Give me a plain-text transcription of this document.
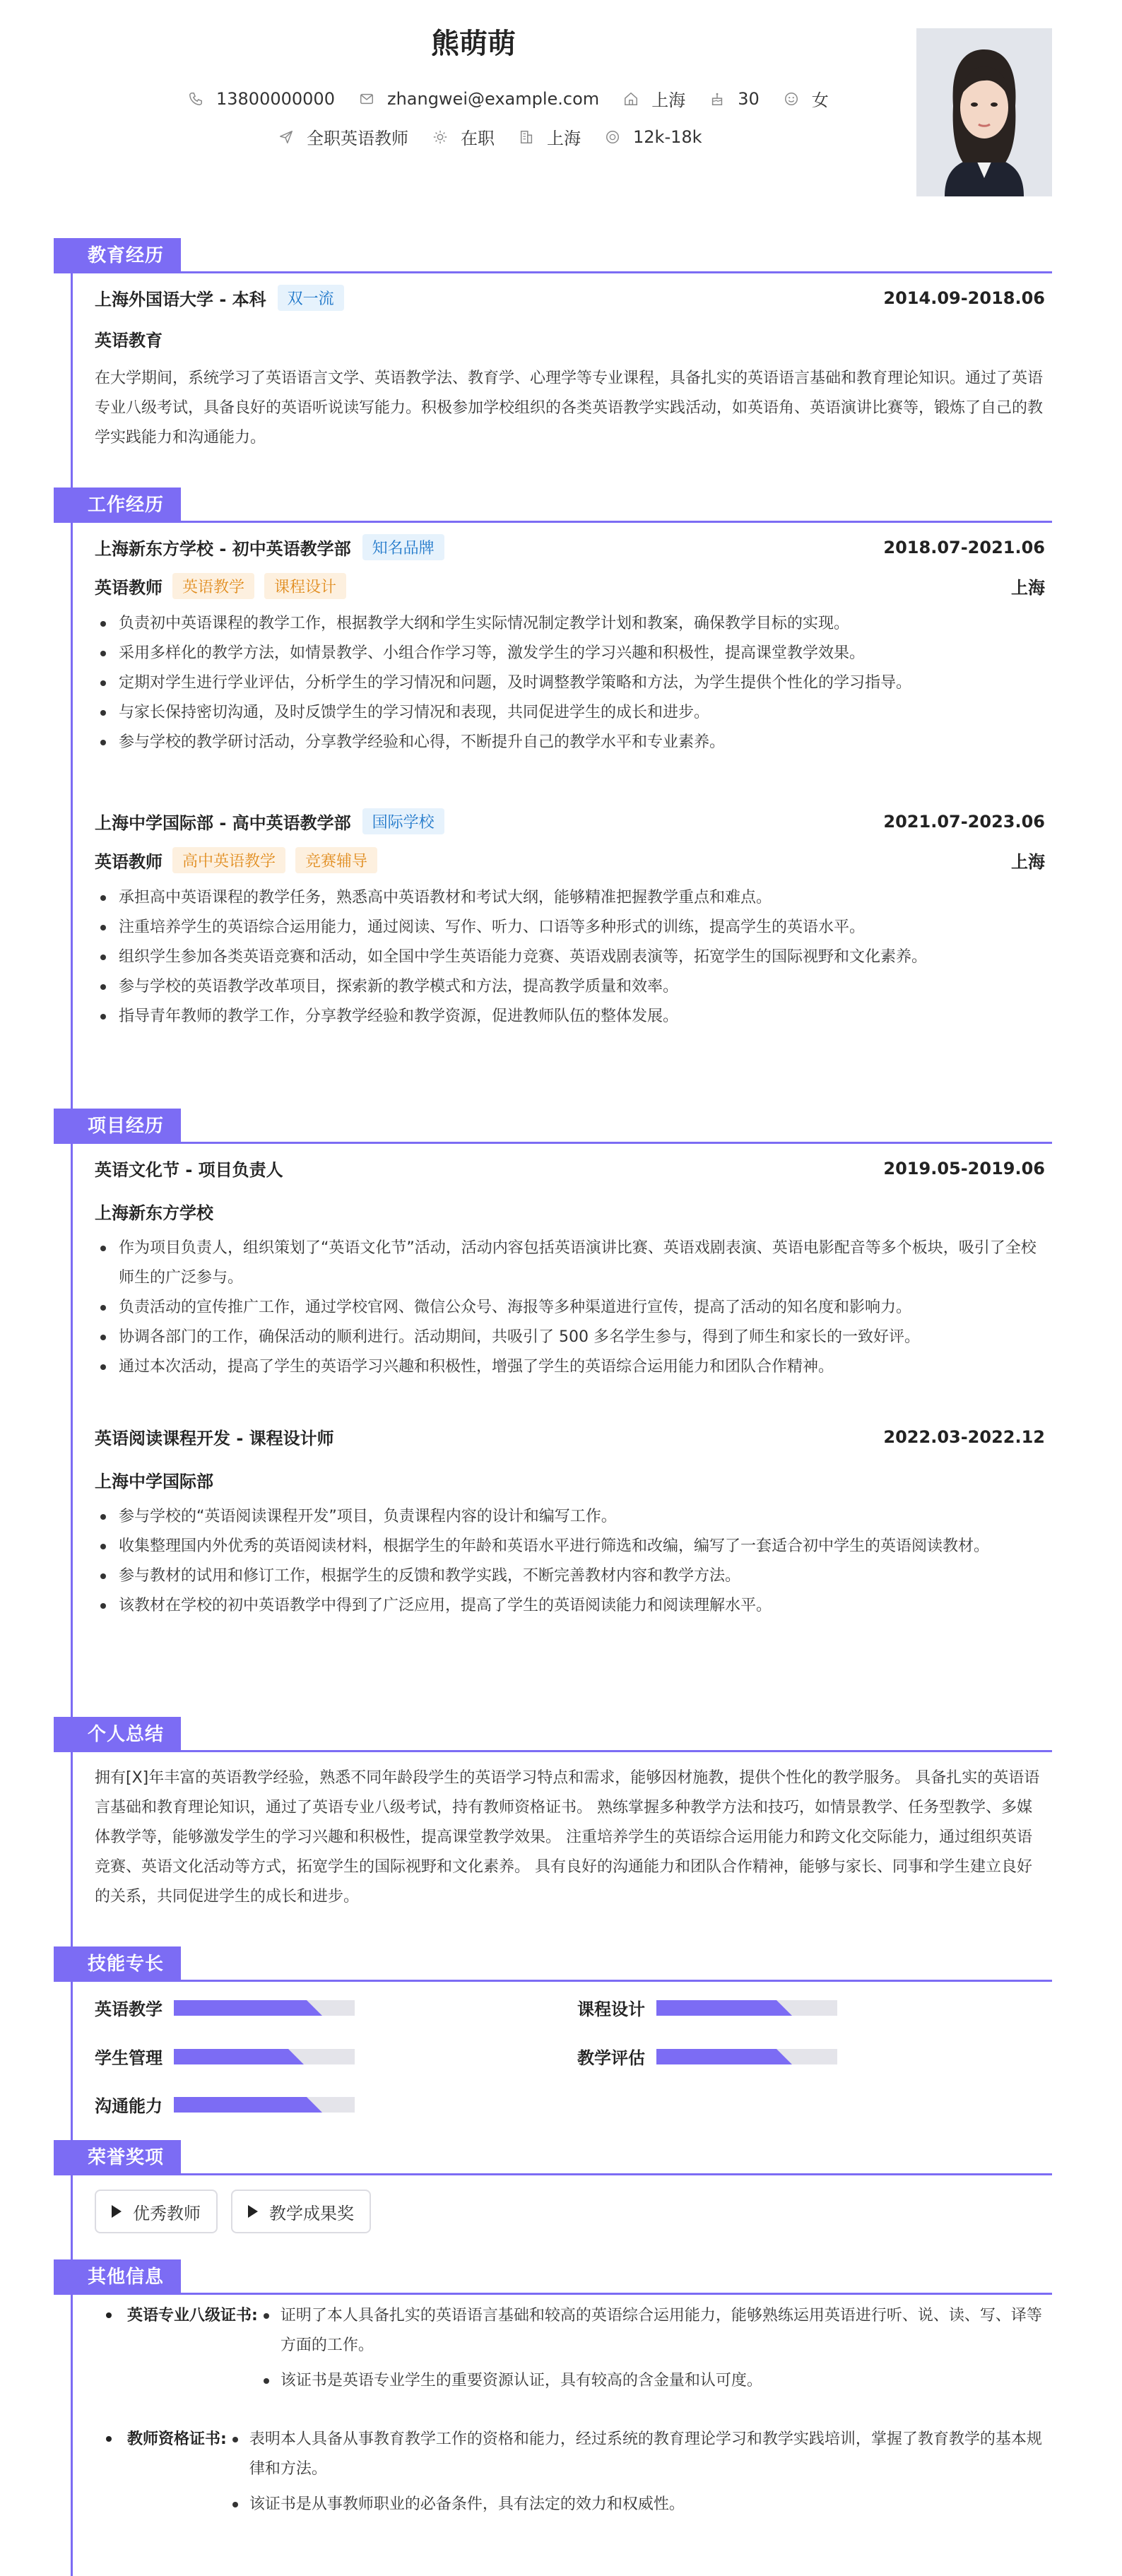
熊萌萌
13800000000	zhangwei@example.com	上海	30	女
全职英语教师	在职	上海	12k-18k
教育经历
上海外国语大学 - 本科	双一流	2014.09-2018.06
英语教育
在大学期间，系统学习了英语语言文学、英语教学法、教育学、心理学等专业课程，具备扎实的英语语言基础和教育理论知识。通过了英语专业八级考试，具备良好的英语听说读写能力。积极参加学校组织的各类英语教学实践活动，如英语角、英语演讲比赛等，锻炼了自己的教学实践能力和沟通能力。
工作经历
上海新东方学校 - 初中英语教学部	知名品牌	2018.07-2021.06
英语教师	英语教学	课程设计	上海
负责初中英语课程的教学工作，根据教学大纲和学生实际情况制定教学计划和教案，确保教学目标的实现。
采用多样化的教学方法，如情景教学、小组合作学习等，激发学生的学习兴趣和积极性，提高课堂教学效果。
定期对学生进行学业评估，分析学生的学习情况和问题，及时调整教学策略和方法，为学生提供个性化的学习指导。
与家长保持密切沟通，及时反馈学生的学习情况和表现，共同促进学生的成长和进步。
参与学校的教学研讨活动，分享教学经验和心得，不断提升自己的教学水平和专业素养。
上海中学国际部 - 高中英语教学部	国际学校	2021.07-2023.06
英语教师	高中英语教学	竞赛辅导	上海
承担高中英语课程的教学任务，熟悉高中英语教材和考试大纲，能够精准把握教学重点和难点。
注重培养学生的英语综合运用能力，通过阅读、写作、听力、口语等多种形式的训练，提高学生的英语水平。
组织学生参加各类英语竞赛和活动，如全国中学生英语能力竞赛、英语戏剧表演等，拓宽学生的国际视野和文化素养。
参与学校的英语教学改革项目，探索新的教学模式和方法，提高教学质量和效率。
指导青年教师的教学工作，分享教学经验和教学资源，促进教师队伍的整体发展。
项目经历
英语文化节 - 项目负责人	2019.05-2019.06
上海新东方学校
作为项目负责人，组织策划了“英语文化节”活动，活动内容包括英语演讲比赛、英语戏剧表演、英语电影配音等多个板块，吸引了全校师生的广泛参与。
负责活动的宣传推广工作，通过学校官网、微信公众号、海报等多种渠道进行宣传，提高了活动的知名度和影响力。
协调各部门的工作，确保活动的顺利进行。活动期间，共吸引了 500 多名学生参与，得到了师生和家长的一致好评。
通过本次活动，提高了学生的英语学习兴趣和积极性，增强了学生的英语综合运用能力和团队合作精神。
英语阅读课程开发 - 课程设计师	2022.03-2022.12
上海中学国际部
参与学校的“英语阅读课程开发”项目，负责课程内容的设计和编写工作。
收集整理国内外优秀的英语阅读材料，根据学生的年龄和英语水平进行筛选和改编，编写了一套适合初中学生的英语阅读教材。
参与教材的试用和修订工作，根据学生的反馈和教学实践，不断完善教材内容和教学方法。
该教材在学校的初中英语教学中得到了广泛应用，提高了学生的英语阅读能力和阅读理解水平。
个人总结
拥有[X]年丰富的英语教学经验，熟悉不同年龄段学生的英语学习特点和需求，能够因材施教，提供个性化的教学服务。 具备扎实的英语语言基础和教育理论知识，通过了英语专业八级考试，持有教师资格证书。 熟练掌握多种教学方法和技巧，如情景教学、任务型教学、多媒体教学等，能够激发学生的学习兴趣和积极性，提高课堂教学效果。 注重培养学生的英语综合运用能力和跨文化交际能力，通过组织英语竞赛、英语文化活动等方式，拓宽学生的国际视野和文化素养。 具有良好的沟通能力和团队合作精神，能够与家长、同事和学生建立良好的关系，共同促进学生的成长和进步。
技能专长
英语教学	课程设计
学生管理	教学评估
沟通能力
荣誉奖项
优秀教师	教学成果奖
其他信息
英语专业八级证书:	证明了本人具备扎实的英语语言基础和较高的英语综合运用能力，能够熟练运用英语进行听、说、读、写、译等方面的工作。
该证书是英语专业学生的重要资源认证，具有较高的含金量和认可度。
教师资格证书:	表明本人具备从事教育教学工作的资格和能力，经过系统的教育理论学习和教学实践培训，掌握了教育教学的基本规律和方法。
该证书是从事教师职业的必备条件，具有法定的效力和权威性。
